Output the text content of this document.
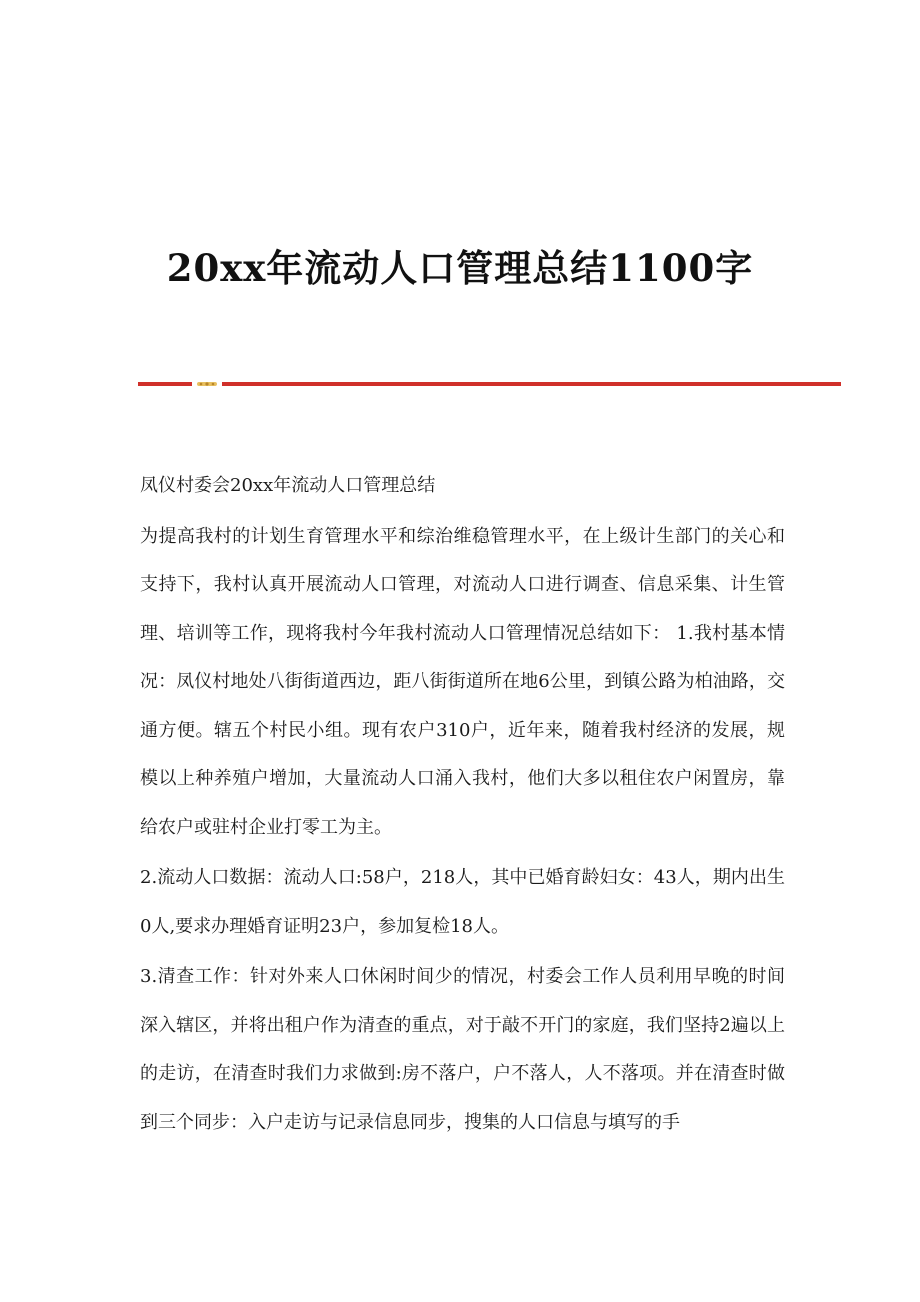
20xx年流动人口管理总结1100字

凤仪村委会20xx年流动人口管理总结

为提高我村的计划生育管理水平和综治维稳管理水平，在上级计生部门的关心和支持下，我村认真开展流动人口管理，对流动人口进行调查、信息采集、计生管理、培训等工作，现将我村今年我村流动人口管理情况总结如下： 1.我村基本情况：凤仪村地处八街街道西边，距八街街道所在地6公里，到镇公路为柏油路，交通方便。辖五个村民小组。现有农户310户，近年来，随着我村经济的发展，规模以上种养殖户增加，大量流动人口涌入我村，他们大多以租住农户闲置房，靠给农户或驻村企业打零工为主。

2.流动人口数据：流动人口:58户，218人，其中已婚育龄妇女：43人，期内出生0人,要求办理婚育证明23户，参加复检18人。

3.清查工作：针对外来人口休闲时间少的情况，村委会工作人员利用早晚的时间深入辖区，并将出租户作为清查的重点，对于敲不开门的家庭，我们坚持2遍以上的走访，在清查时我们力求做到:房不落户，户不落人，人不落项。并在清查时做到三个同步：入户走访与记录信息同步，搜集的人口信息与填写的手
